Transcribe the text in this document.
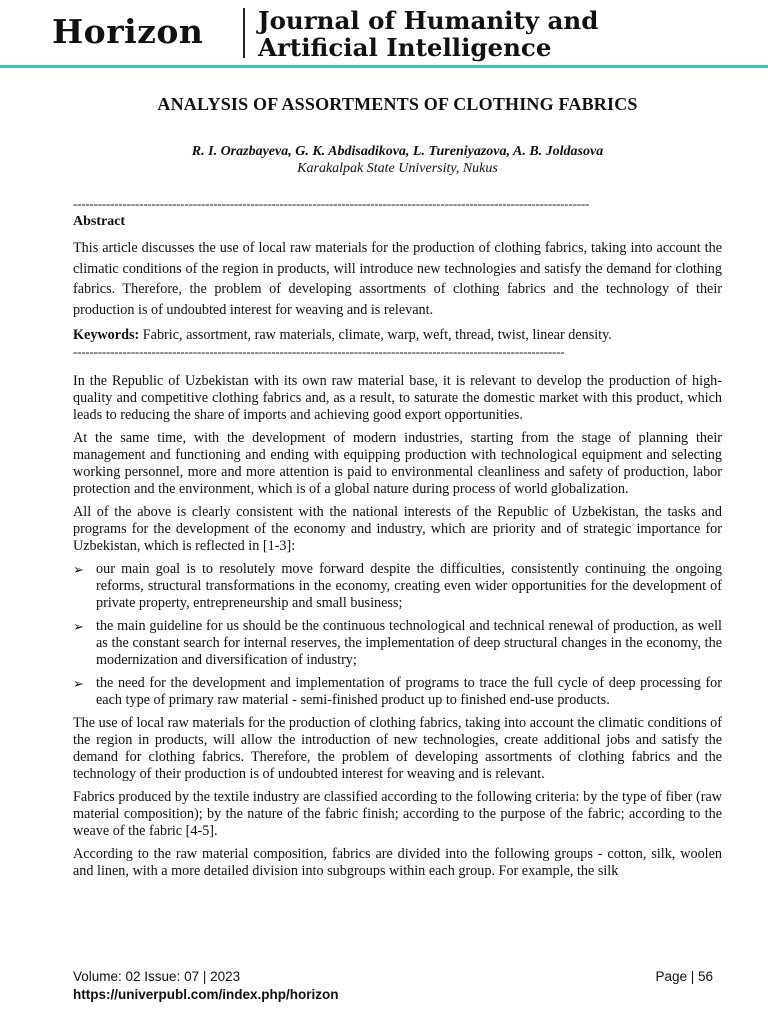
Horizon Journal of Humanity and
Artificial Intelligence
ANALYSIS OF ASSORTMENTS OF CLOTHING FABRICS

R. I. Orazbayeva, G. K. Abdisadikova, L. Tureniyazova, A. B. Joldasova

Karakalpak State University, Nukus

-----------------------------------------------------------------------------------------------------------------------------
Abstract

This article discusses the use of local raw materials for the production of clothing fabrics, taking into account the climatic conditions of the region in products, will introduce new technologies and satisfy the demand for clothing fabrics. Therefore, the problem of developing assortments of clothing fabrics and the technology of their production is of undoubted interest for weaving and is relevant.

Keywords: Fabric, assortment, raw materials, climate, warp, weft, thread, twist, linear density.

-----------------------------------------------------------------------------------------------------------------------

In the Republic of Uzbekistan with its own raw material base, it is relevant to develop the production of high-quality and competitive clothing fabrics and, as a result, to saturate the domestic market with this product, which leads to reducing the share of imports and achieving good export opportunities.

At the same time, with the development of modern industries, starting from the stage of planning their management and functioning and ending with equipping production with technological equipment and selecting working personnel, more and more attention is paid to environmental cleanliness and safety of production, labor protection and the environment, which is of a global nature during process of world globalization.

All of the above is clearly consistent with the national interests of the Republic of Uzbekistan, the tasks and programs for the development of the economy and industry, which are priority and of strategic importance for Uzbekistan, which is reflected in [1-3]:

➢ our main goal is to resolutely move forward despite the difficulties, consistently continuing the ongoing reforms, structural transformations in the economy, creating even wider opportunities for the development of private property, entrepreneurship and small business;
➢ the main guideline for us should be the continuous technological and technical renewal of production, as well as the constant search for internal reserves, the implementation of deep structural changes in the economy, the modernization and diversification of industry;
➢ the need for the development and implementation of programs to trace the full cycle of deep processing for each type of primary raw material - semi-finished product up to finished end-use products.

The use of local raw materials for the production of clothing fabrics, taking into account the climatic conditions of the region in products, will allow the introduction of new technologies, create additional jobs and satisfy the demand for clothing fabrics. Therefore, the problem of developing assortments of clothing fabrics and the technology of their production is of undoubted interest for weaving and is relevant.

Fabrics produced by the textile industry are classified according to the following criteria: by the type of fiber (raw material composition); by the nature of the fabric finish; according to the purpose of the fabric; according to the weave of the fabric [4-5].

According to the raw material composition, fabrics are divided into the following groups - cotton, silk, woolen and linen, with a more detailed division into subgroups within each group. For example, the silk

Volume: 02 Issue: 07 | 2023	Page | 56
https://univerpubl.com/index.php/horizon
